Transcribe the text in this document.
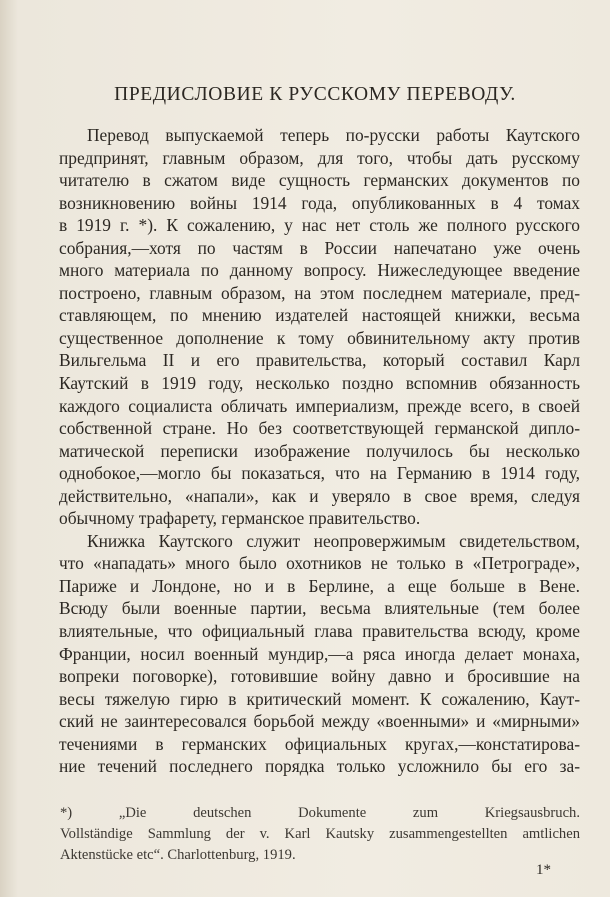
ПРЕДИСЛОВИЕ К РУССКОМУ ПЕРЕВОДУ.
Перевод выпускаемой теперь по-русски работы Каутского
предпринят, главным образом, для того, чтобы дать русскому
читателю в сжатом виде сущность германских документов по
возникновению войны 1914 года, опубликованных в 4 томах
в 1919 г. *). К сожалению, у нас нет столь же полного русского
собрания,—хотя по частям в России напечатано уже очень
много материала по данному вопросу. Нижеследующее введение
построено, главным образом, на этом последнем материале, пред-
ставляющем, по мнению издателей настоящей книжки, весьма
существенное дополнение к тому обвинительному акту против
Вильгельма II и его правительства, который составил Карл
Каутский в 1919 году, несколько поздно вспомнив обязанность
каждого социалиста обличать империализм, прежде всего, в своей
собственной стране. Но без соответствующей германской дипло-
матической переписки изображение получилось бы несколько
однобокое,—могло бы показаться, что на Германию в 1914 году,
действительно, «напали», как и уверяло в свое время, следуя
обычному трафарету, германское правительство.
Книжка Каутского служит неопровержимым свидетельством,
что «нападать» много было охотников не только в «Петрограде»,
Париже и Лондоне, но и в Берлине, а еще больше в Вене.
Всюду были военные партии, весьма влиятельные (тем более
влиятельные, что официальный глава правительства всюду, кроме
Франции, носил военный мундир,—а ряса иногда делает монаха,
вопреки поговорке), готовившие войну давно и бросившие на
весы тяжелую гирю в критический момент. К сожалению, Каут-
ский не заинтересовался борьбой между «военными» и «мирными»
течениями в германских официальных кругах,—констатирова-
ние течений последнего порядка только усложнило бы его за-
*) „Die deutschen Dokumente zum Kriegsausbruch.
Vollständige Sammlung der v. Karl Kautsky zusammengestellten amtlichen
Aktenstücke etc“. Charlottenburg, 1919.
1*
